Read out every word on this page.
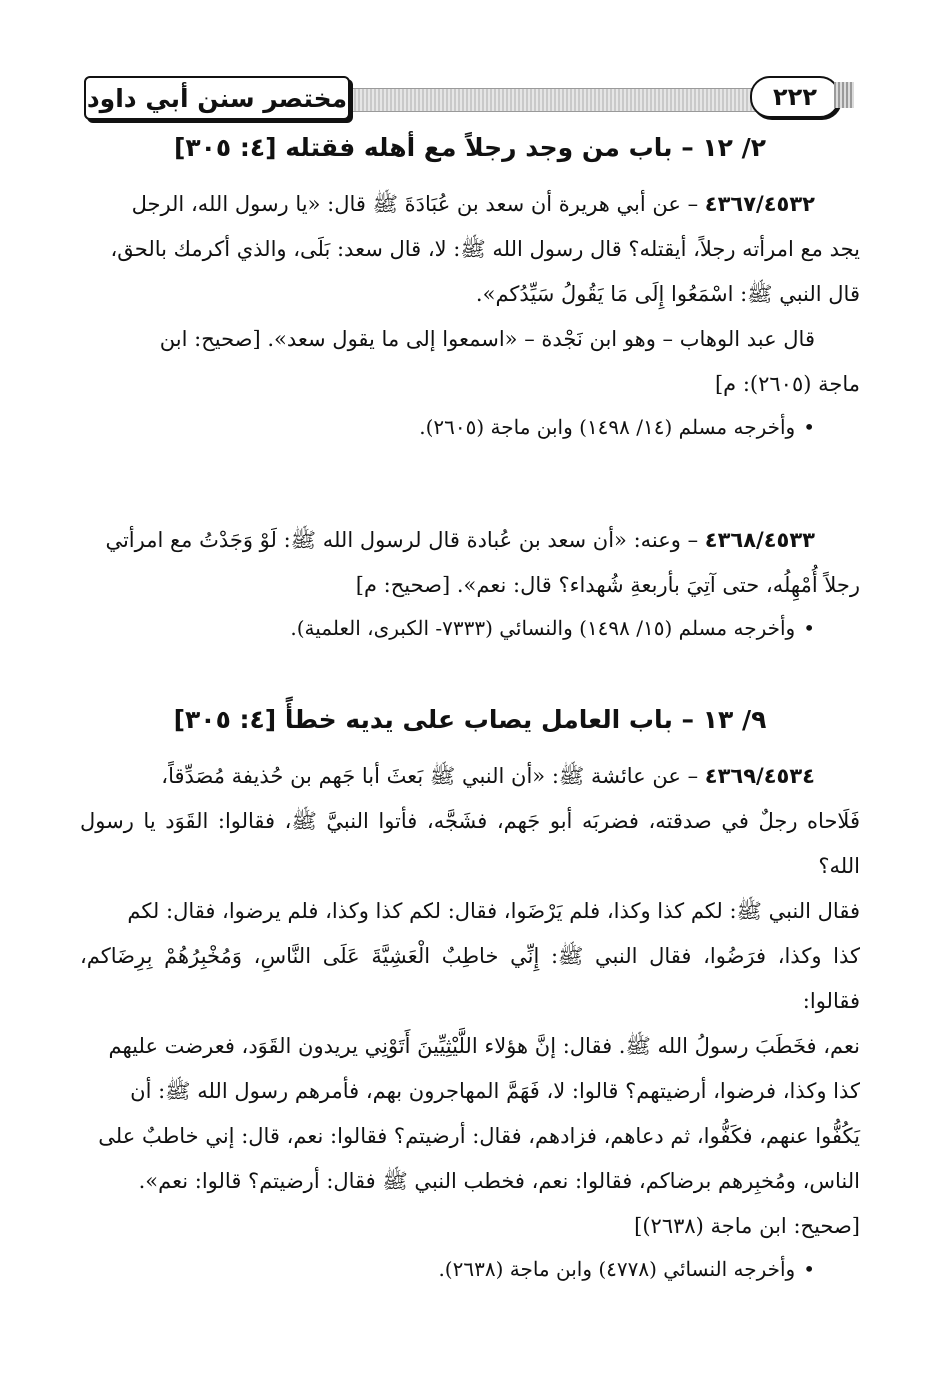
مختصر سنن أبي داود	٢٢٢
٢/ ١٢ – باب من وجد رجلاً مع أهله فقتله [٤: ٣٠٥]

٤٣٦٧/٤٥٣٢ – عن أبي هريرة أن سعد بن عُبَادَةَ ﷺ قال: «يا رسول الله، الرجل

يجد مع امرأته رجلاً، أيقتله؟ قال رسول الله ﷺ: لا، قال سعد: بَلَى، والذي أكرمك بالحق،

قال النبي ﷺ: اسْمَعُوا إِلَى مَا يَقُولُ سَيِّدُكم».

قال عبد الوهاب – وهو ابن نَجْدة – «اسمعوا إلى ما يقول سعد». [صحيح: ابن

ماجة (٢٦٠٥): م]

• وأخرجه مسلم (١٤/ ١٤٩٨) وابن ماجة (٢٦٠٥).

٤٣٦٨/٤٥٣٣ – وعنه: «أن سعد بن عُبادة قال لرسول الله ﷺ: لَوْ وَجَدْتُ مع امرأتي

رجلاً أُمْهِلُه، حتى آتِيَ بأربعةِ شُهداء؟ قال: نعم». [صحيح: م]

• وأخرجه مسلم (١٥/ ١٤٩٨) والنسائي (٧٣٣٣- الكبرى، العلمية).

٩/ ١٣ – باب العامل يصاب على يديه خطأً [٤: ٣٠٥]

٤٣٦٩/٤٥٣٤ – عن عائشة ﷺ: «أن النبي ﷺ بَعثَ أبا جَهم بن حُذيفة مُصَدِّقاً،

فَلَاحاه رجلٌ في صدقته، فضربَه أبو جَهم، فشَجَّه، فأتوا النبيَّ ﷺ، فقالوا: القَوَد يا رسول الله؟

فقال النبي ﷺ: لكم كذا وكذا، فلم يَرْضَوا، فقال: لكم كذا وكذا، فلم يرضوا، فقال: لكم

كذا وكذا، فرَضُوا، فقال النبي ﷺ: إِنِّي خاطِبٌ الْعَشِيَّةَ عَلَى النَّاسِ، وَمُخْبِرُهُمْ بِرِضَاكم، فقالوا:

نعم، فخَطَبَ رسولُ الله ﷺ. فقال: إنَّ هؤلاء اللَّيْثِيِّينَ أَتَوْنِي يريدون القَوَد، فعرضت عليهم

كذا وكذا، فرضوا، أرضيتهم؟ قالوا: لا، فَهَمَّ المهاجرون بهم، فأمرهم رسول الله ﷺ: أن

يَكُفُّوا عنهم، فكَفُّوا، ثم دعاهم، فزادهم، فقال: أرضيتم؟ فقالوا: نعم، قال: إني خاطبٌ على

الناس، ومُخبِرهم برضاكم، فقالوا: نعم، فخطب النبي ﷺ فقال: أرضيتم؟ قالوا: نعم».

[صحيح: ابن ماجة (٢٦٣٨)]

• وأخرجه النسائي (٤٧٧٨) وابن ماجة (٢٦٣٨).
